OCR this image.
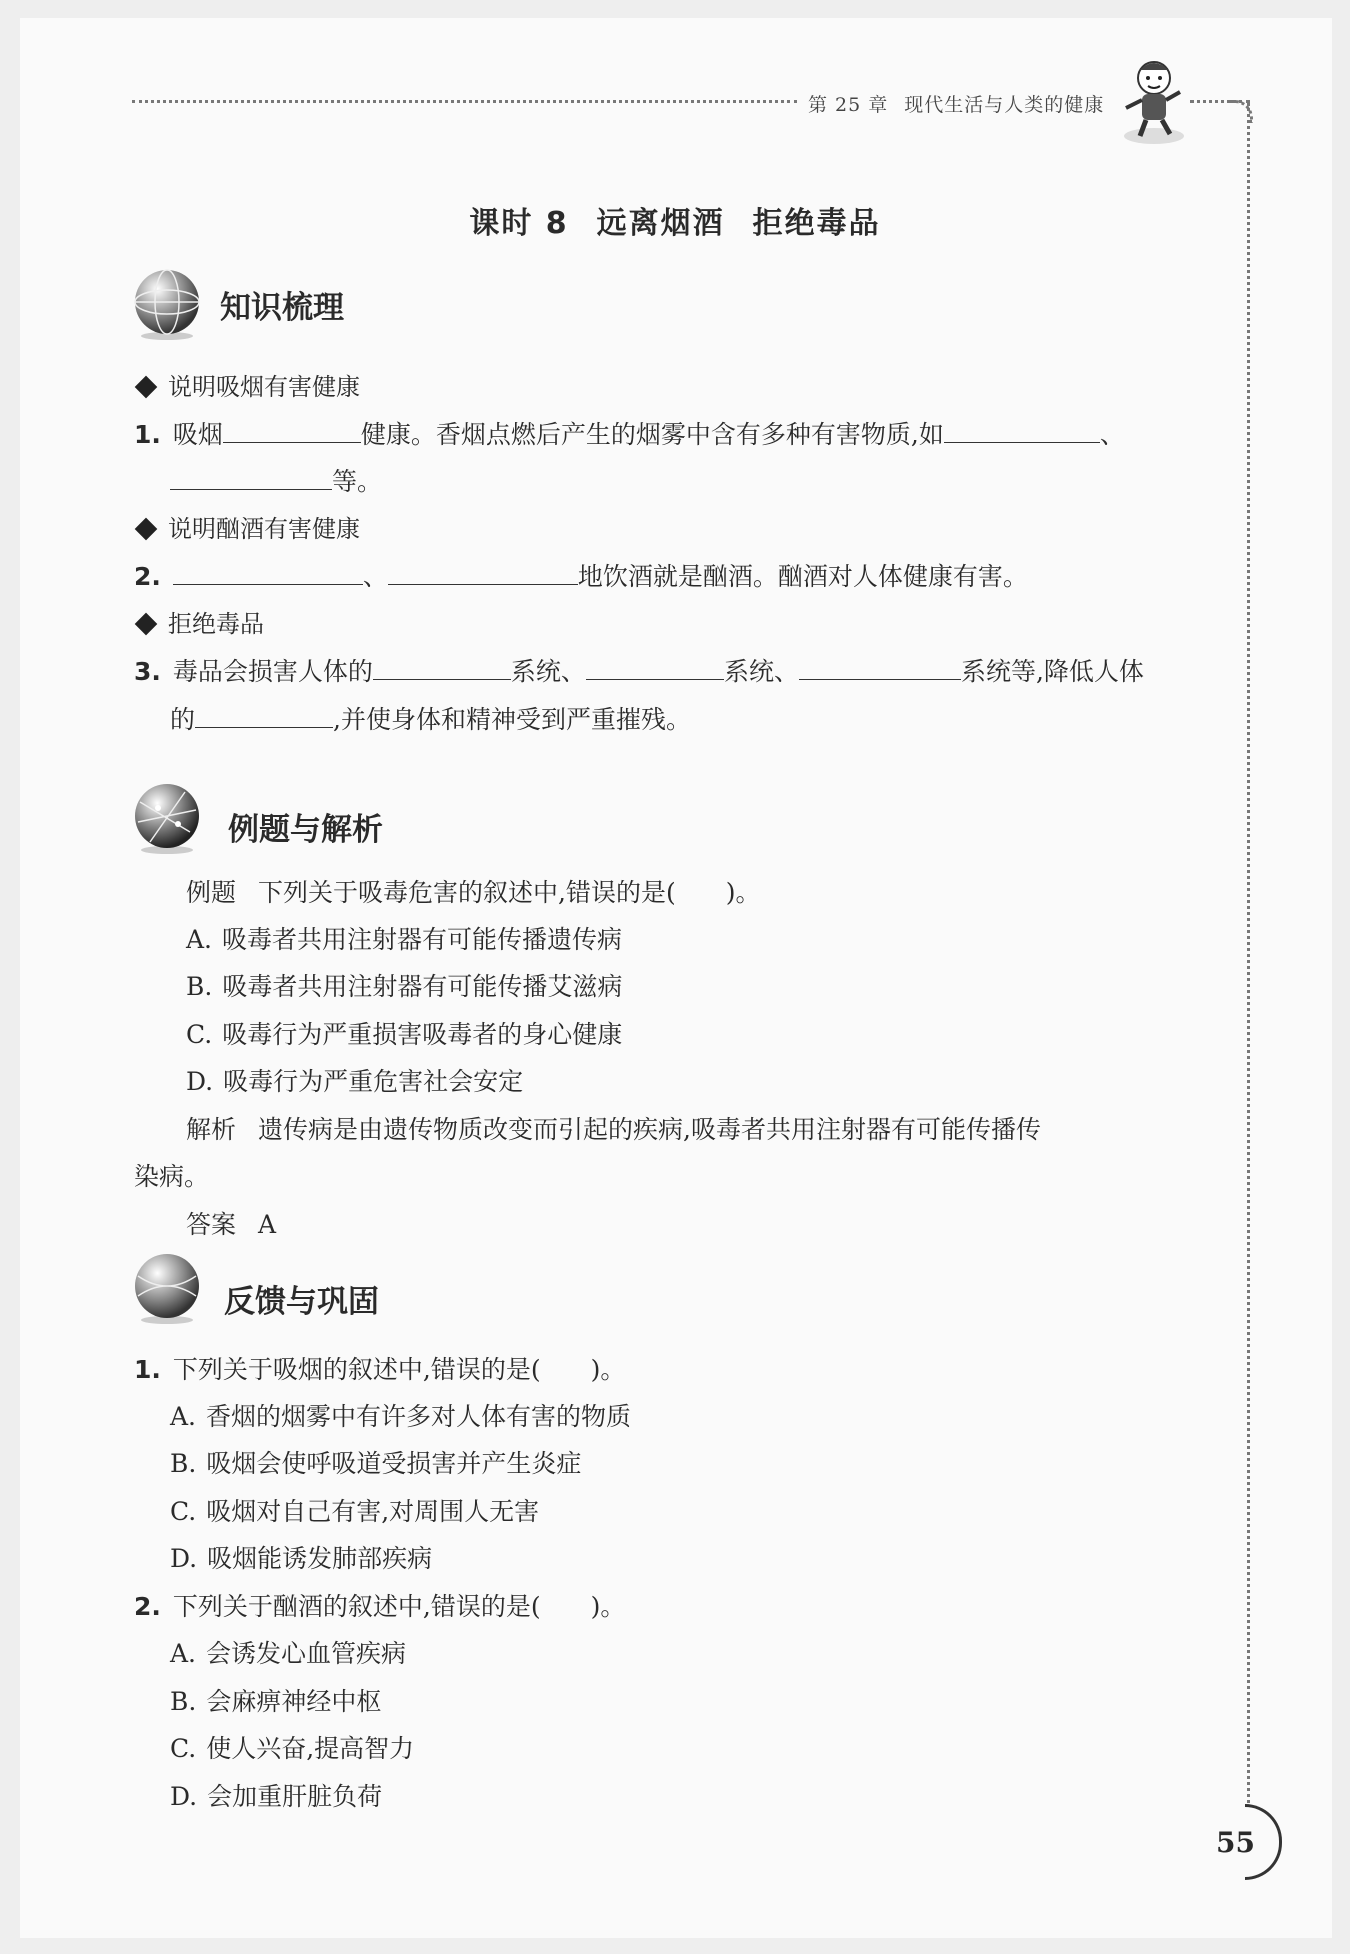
第 25 章 现代生活与人类的健康
课时 8 远离烟酒 拒绝毒品
知识梳理
说明吸烟有害健康
1. 吸烟	健康。香烟点燃后产生的烟雾中含有多种有害物质,如	、
等。
说明酗酒有害健康
2.	、	地饮酒就是酗酒。酗酒对人体健康有害。
拒绝毒品
3. 毒品会损害人体的	系统、	系统、	系统等,降低人体
的	,并使身体和精神受到严重摧残。
例题与解析
例题 下列关于吸毒危害的叙述中,错误的是(　　)。
A. 吸毒者共用注射器有可能传播遗传病
B. 吸毒者共用注射器有可能传播艾滋病
C. 吸毒行为严重损害吸毒者的身心健康
D. 吸毒行为严重危害社会安定
解析 遗传病是由遗传物质改变而引起的疾病,吸毒者共用注射器有可能传播传
染病。
答案 A
反馈与巩固
1. 下列关于吸烟的叙述中,错误的是(　　)。
A. 香烟的烟雾中有许多对人体有害的物质
B. 吸烟会使呼吸道受损害并产生炎症
C. 吸烟对自己有害,对周围人无害
D. 吸烟能诱发肺部疾病
2. 下列关于酗酒的叙述中,错误的是(　　)。
A. 会诱发心血管疾病
B. 会麻痹神经中枢
C. 使人兴奋,提高智力
D. 会加重肝脏负荷
55
